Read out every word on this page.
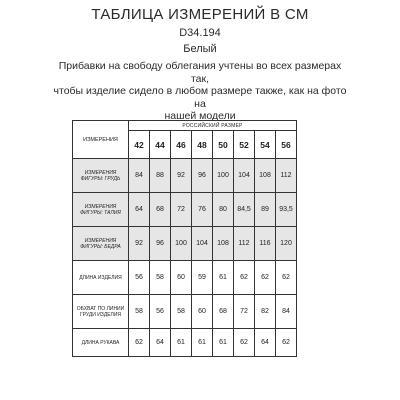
ТАБЛИЦА ИЗМЕРЕНИЙ В СМ
D34.194
Белый
Прибавки на свободу облегания учтены во всех размерах так,
чтобы изделие сидело в любом размере также, как на фото на
нашей модели
ИЗМЕРЕНИЯ	РОССИЙСКИЙ РАЗМЕР							
	42	44	46	48	50	52	54	56
ИЗМЕРЕНИЯ ФИГУРЫ: ГРУДЬ	84	88	92	96	100	104	108	112
ИЗМЕРЕНИЯ ФИГУРЫ: ТАЛИЯ	64	68	72	76	80	84,5	89	93,5
ИЗМЕРЕНИЯ ФИГУРЫ: БЕДРА	92	96	100	104	108	112	116	120
ДЛИНА ИЗДЕЛИЯ	56	58	60	59	61	62	62	62
ОБХВАТ ПО ЛИНИИ ГРУДИ ИЗДЕЛИЯ	58	56	58	60	68	72	82	84
ДЛИНА РУКАВА	62	64	61	61	61	62	64	62
